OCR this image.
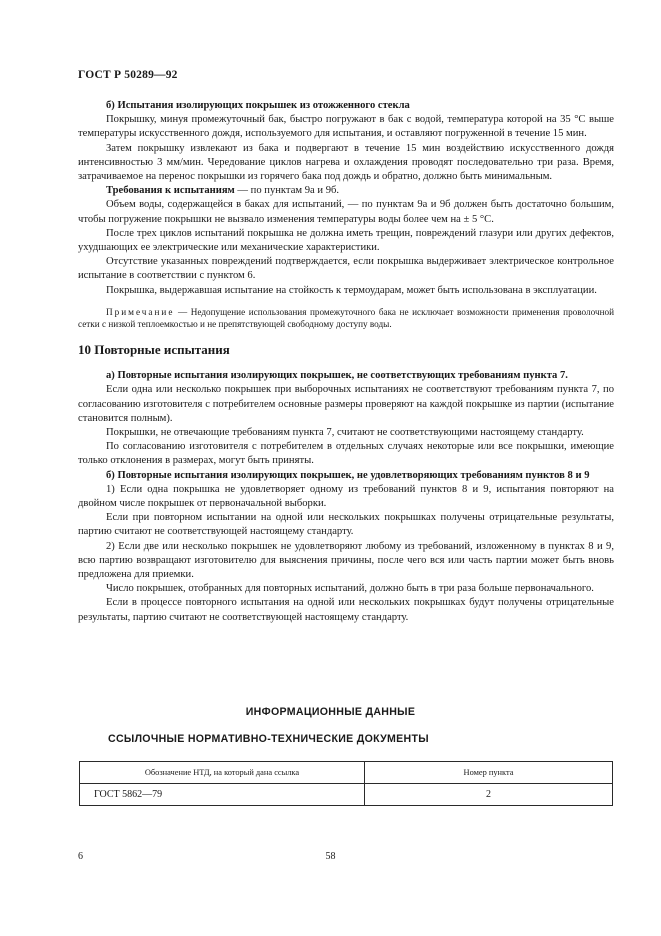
ГОСТ Р 50289—92

б) Испытания изолирующих покрышек из отожженного стекла

Покрышку, минуя промежуточный бак, быстро погружают в бак с водой, температура которой на 35 °С выше температуры искусственного дождя, используемого для испытания, и оставляют погруженной в течение 15 мин.

Затем покрышку извлекают из бака и подвергают в течение 15 мин воздействию искусственного дождя интенсивностью 3 мм/мин. Чередование циклов нагрева и охлаждения проводят последовательно три раза. Время, затрачиваемое на перенос покрышки из горячего бака под дождь и обратно, должно быть минимальным.

Требования к испытаниям — по пунктам 9а и 9б.

Объем воды, содержащейся в баках для испытаний, — по пунктам 9а и 9б должен быть достаточно большим, чтобы погружение покрышки не вызвало изменения температуры воды более чем на ± 5 °С.

После трех циклов испытаний покрышка не должна иметь трещин, повреждений глазури или других дефектов, ухудшающих ее электрические или механические характеристики.

Отсутствие указанных повреждений подтверждается, если покрышка выдерживает электрическое контрольное испытание в соответствии с пунктом 6.

Покрышка, выдержавшая испытание на стойкость к термоударам, может быть использована в эксплуатации.

Примечание — Недопущение использования промежуточного бака не исключает возможности применения проволочной сетки с низкой теплоемкостью и не препятствующей свободному доступу воды.

10 Повторные испытания

а) Повторные испытания изолирующих покрышек, не соответствующих требованиям пункта 7.

Если одна или несколько покрышек при выборочных испытаниях не соответствуют требованиям пункта 7, по согласованию изготовителя с потребителем основные размеры проверяют на каждой покрышке из партии (испытание становится полным).

Покрышки, не отвечающие требованиям пункта 7, считают не соответствующими настоящему стандарту.

По согласованию изготовителя с потребителем в отдельных случаях некоторые или все покрышки, имеющие только отклонения в размерах, могут быть приняты.

б) Повторные испытания изолирующих покрышек, не удовлетворяющих требованиям пунктов 8 и 9

1) Если одна покрышка не удовлетворяет одному из требований пунктов 8 и 9, испытания повторяют на двойном числе покрышек от первоначальной выборки.

Если при повторном испытании на одной или нескольких покрышках получены отрицательные результаты, партию считают не соответствующей настоящему стандарту.

2) Если две или несколько покрышек не удовлетворяют любому из требований, изложенному в пунктах 8 и 9, всю партию возвращают изготовителю для выяснения причины, после чего вся или часть партии может быть вновь предложена для приемки.

Число покрышек, отобранных для повторных испытаний, должно быть в три раза больше первоначального.

Если в процессе повторного испытания на одной или нескольких покрышках будут получены отрицательные результаты, партию считают не соответствующей настоящему стандарту.

ИНФОРМАЦИОННЫЕ ДАННЫЕ
ССЫЛОЧНЫЕ НОРМАТИВНО-ТЕХНИЧЕСКИЕ ДОКУМЕНТЫ
Обозначение НТД, на который дана ссылка	Номер пункта
ГОСТ 5862—79	2
6	58
